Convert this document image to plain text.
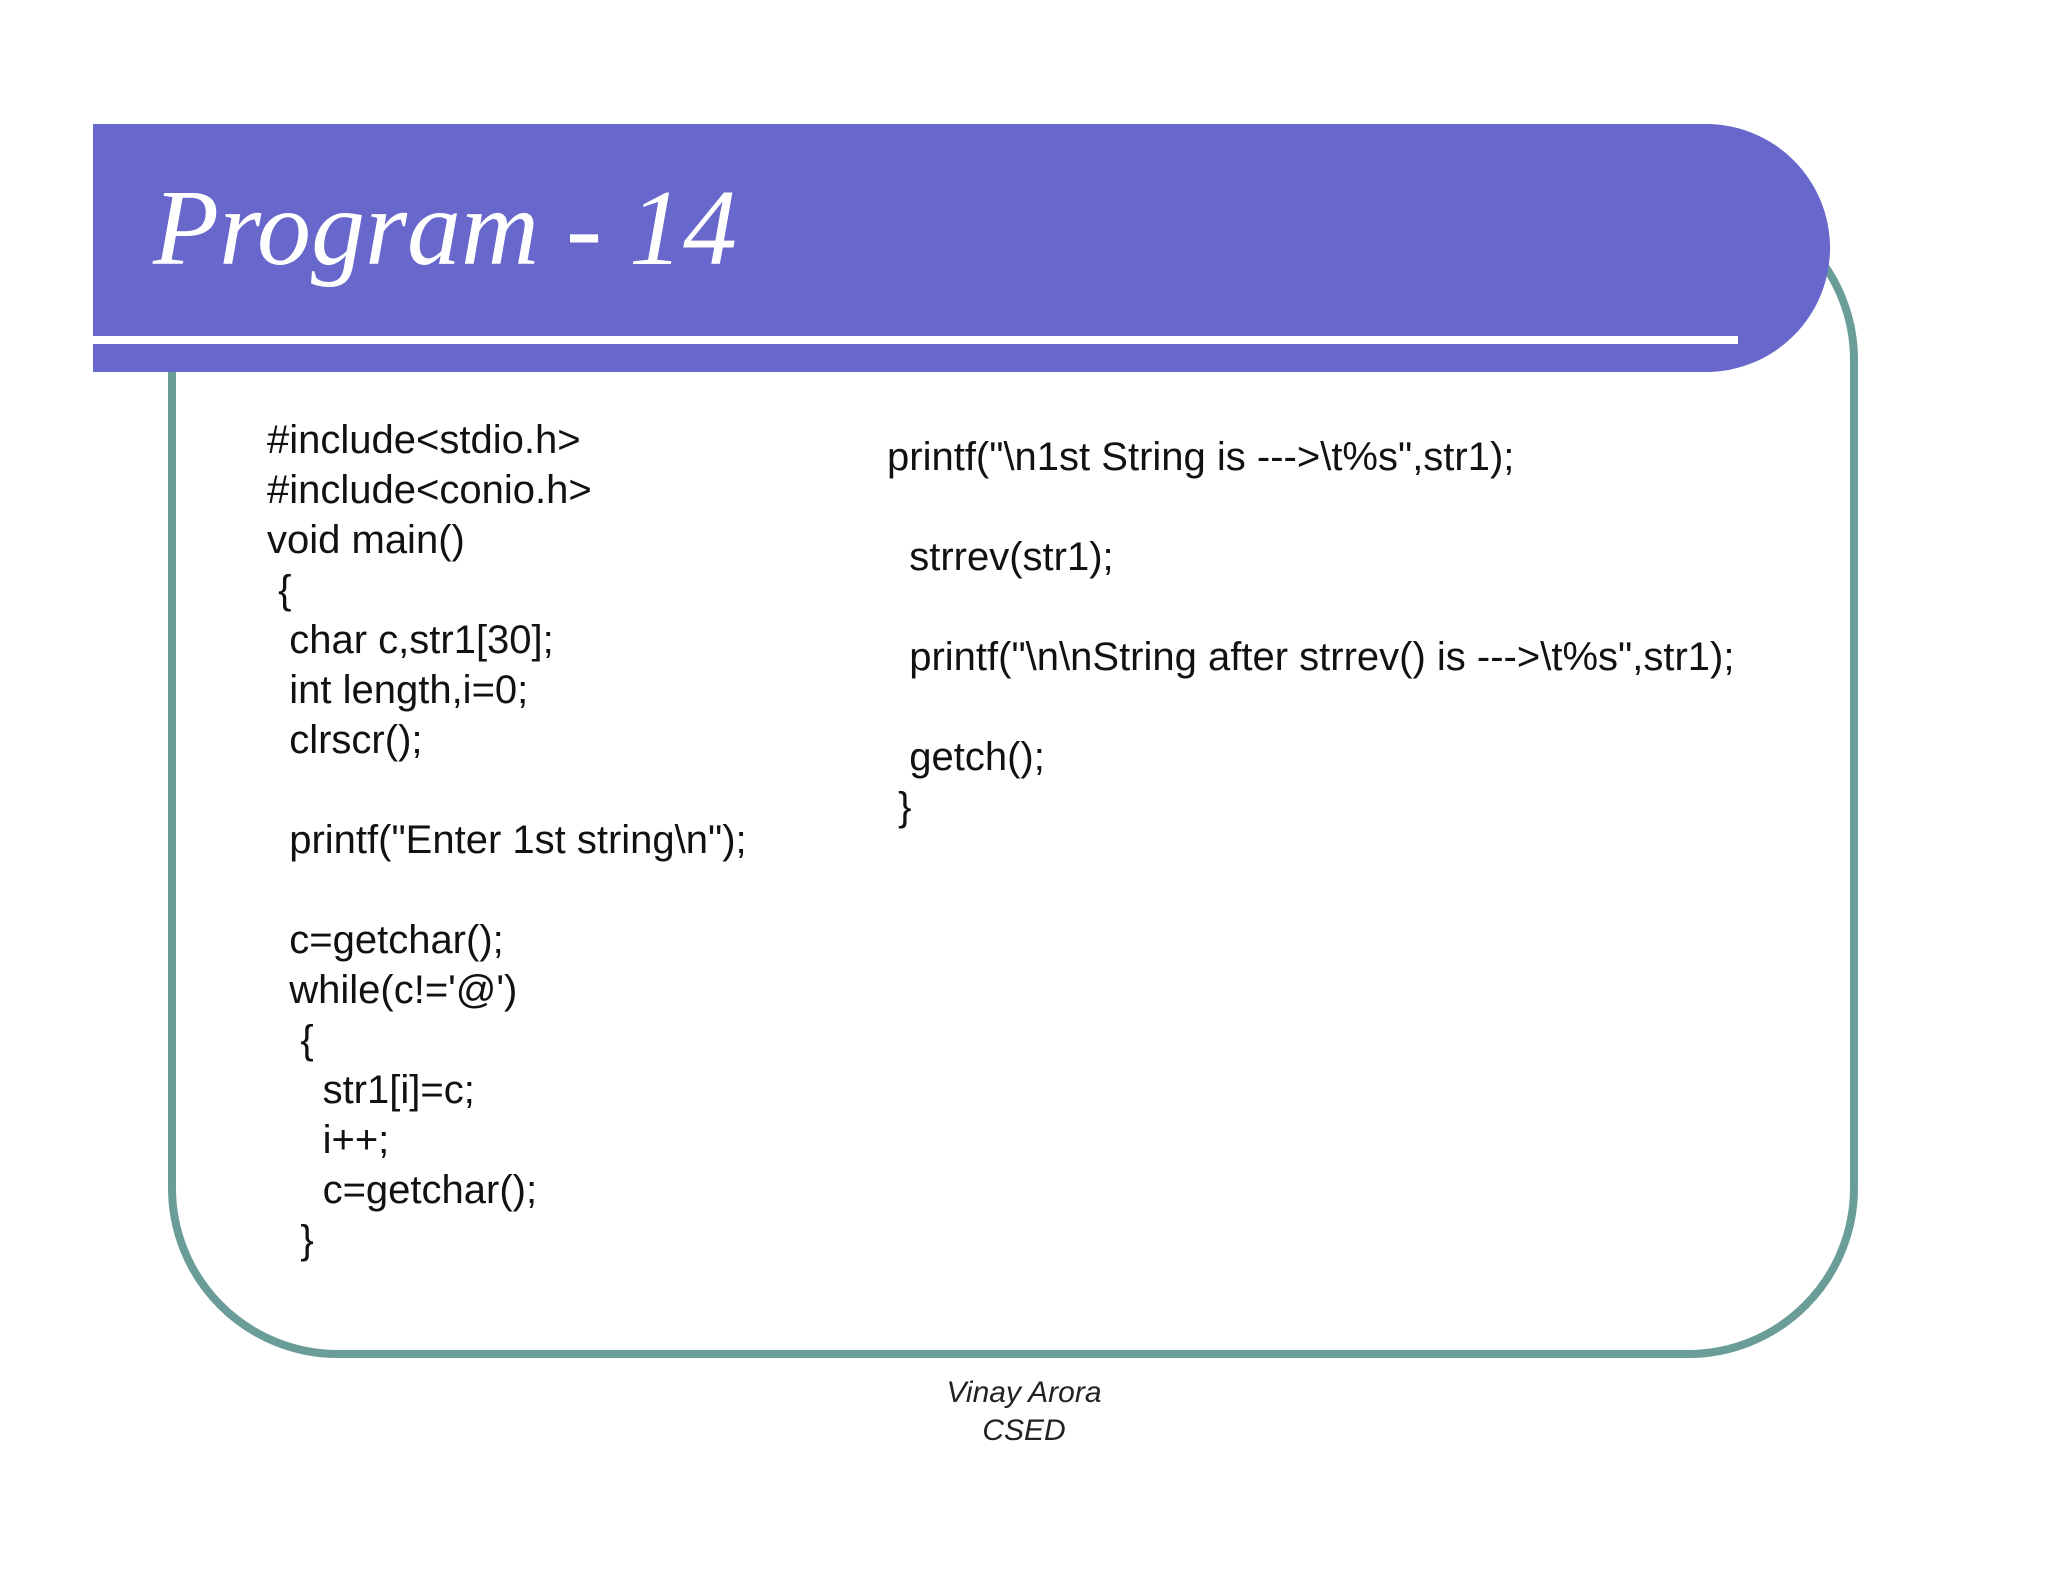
Program - 14
#include<stdio.h>
#include<conio.h>
void main()
{
char c,str1[30];
int length,i=0;
clrscr();
printf("Enter 1st string\n");
c=getchar();
while(c!='@')
{
str1[i]=c;
i++;
c=getchar();
}
printf("\n1st String is --->\t%s",str1);
strrev(str1);
printf("\n\nString after strrev() is --->\t%s",str1);
getch();
}
Vinay Arora
CSED
